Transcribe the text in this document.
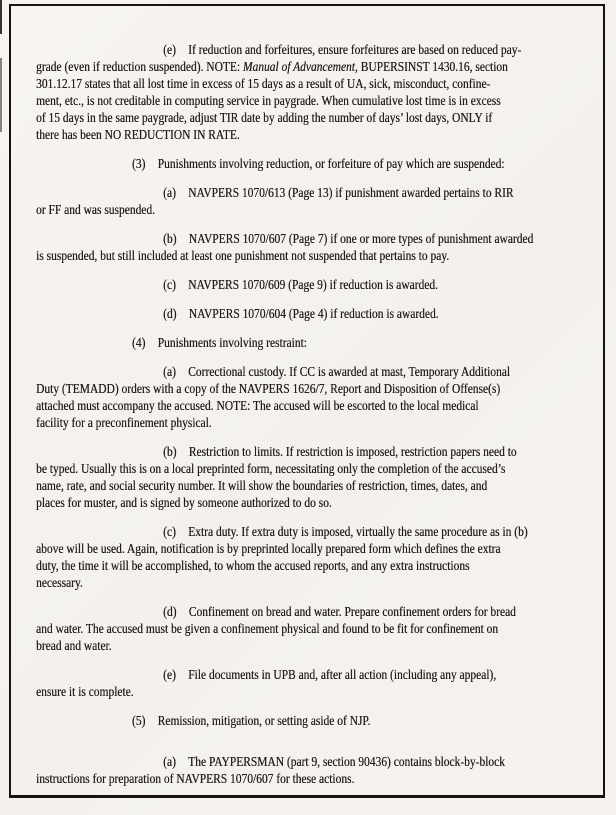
(e) If reduction and forfeitures, ensure forfeitures are based on reduced pay-
grade (even if reduction suspended). NOTE: Manual of Advancement, BUPERSINST 1430.16, section
301.12.17 states that all lost time in excess of 15 days as a result of UA, sick, misconduct, confine-
ment, etc., is not creditable in computing service in paygrade. When cumulative lost time is in excess
of 15 days in the same paygrade, adjust TIR date by adding the number of days’ lost days, ONLY if
there has been NO REDUCTION IN RATE.
(3) Punishments involving reduction, or forfeiture of pay which are suspended:
(a) NAVPERS 1070/613 (Page 13) if punishment awarded pertains to RIR
or FF and was suspended.
(b) NAVPERS 1070/607 (Page 7) if one or more types of punishment awarded
is suspended, but still included at least one punishment not suspended that pertains to pay.
(c) NAVPERS 1070/609 (Page 9) if reduction is awarded.
(d) NAVPERS 1070/604 (Page 4) if reduction is awarded.
(4) Punishments involving restraint:
(a) Correctional custody. If CC is awarded at mast, Temporary Additional
Duty (TEMADD) orders with a copy of the NAVPERS 1626/7, Report and Disposition of Offense(s)
attached must accompany the accused. NOTE: The accused will be escorted to the local medical
facility for a preconfinement physical.
(b) Restriction to limits. If restriction is imposed, restriction papers need to
be typed. Usually this is on a local preprinted form, necessitating only the completion of the accused’s
name, rate, and social security number. It will show the boundaries of restriction, times, dates, and
places for muster, and is signed by someone authorized to do so.
(c) Extra duty. If extra duty is imposed, virtually the same procedure as in (b)
above will be used. Again, notification is by preprinted locally prepared form which defines the extra
duty, the time it will be accomplished, to whom the accused reports, and any extra instructions
necessary.
(d) Confinement on bread and water. Prepare confinement orders for bread
and water. The accused must be given a confinement physical and found to be fit for confinement on
bread and water.
(e) File documents in UPB and, after all action (including any appeal),
ensure it is complete.
(5) Remission, mitigation, or setting aside of NJP.
(a) The PAYPERSMAN (part 9, section 90436) contains block-by-block
instructions for preparation of NAVPERS 1070/607 for these actions.
